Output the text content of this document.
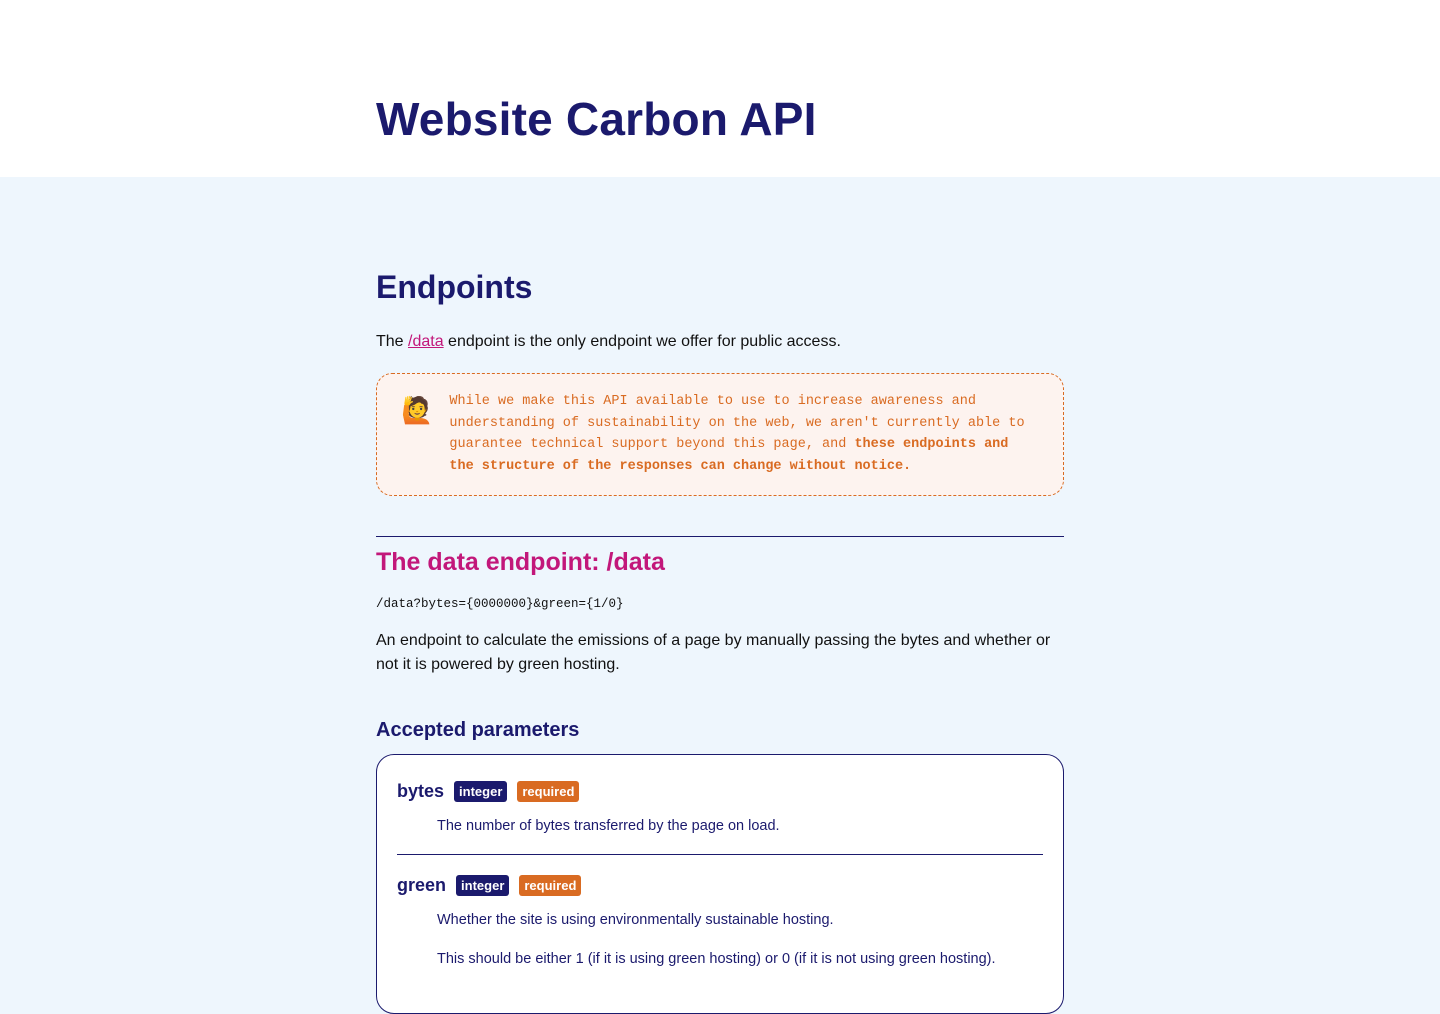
Website Carbon API
Endpoints

The /data endpoint is the only endpoint we offer for public access.

🙋 While we make this API available to use to increase awareness and understanding of sustainability on the web, we aren't currently able to guarantee technical support beyond this page, and these endpoints and the structure of the responses can change without notice.

The data endpoint: /data
/data?bytes={0000000}&green={1/0}

An endpoint to calculate the emissions of a page by manually passing the bytes and whether or not it is powered by green hosting.

Accepted parameters
bytes	integer	required

The number of bytes transferred by the page on load.

green	integer	required

Whether the site is using environmentally sustainable hosting.

This should be either 1 (if it is using green hosting) or 0 (if it is not using green hosting).
